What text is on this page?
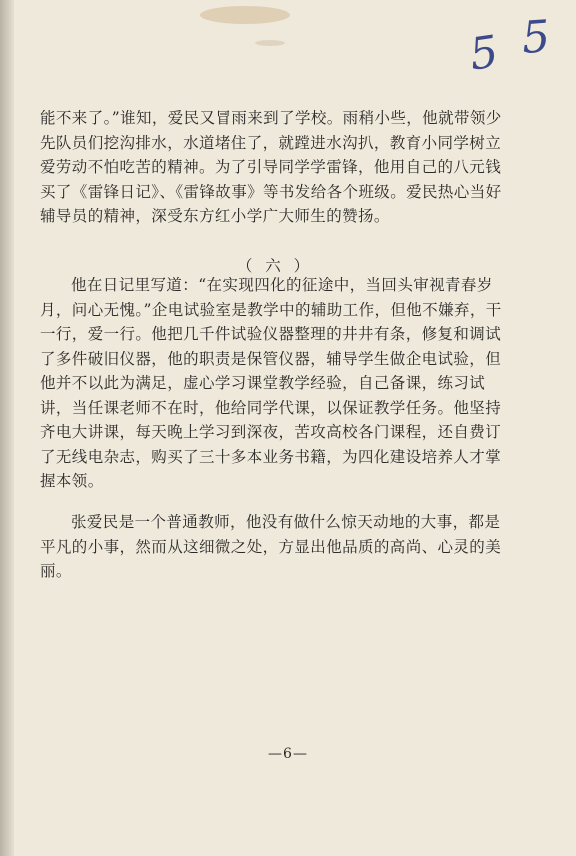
5 5
能不来了。”谁知，爱民又冒雨来到了学校。雨稍小些，他就带领少先队员们挖沟排水，水道堵住了，就蹚进水沟扒，教育小同学树立爱劳动不怕吃苦的精神。为了引导同学学雷锋，他用自己的八元钱买了《雷锋日记》、《雷锋故事》等书发给各个班级。爱民热心当好辅导员的精神，深受东方红小学广大师生的赞扬。
（ 六 ）
他在日记里写道：“在实现四化的征途中，当回头审视青春岁月，问心无愧。”企电试验室是教学中的辅助工作，但他不嫌弃，干一行，爱一行。他把几千件试验仪器整理的井井有条，修复和调试了多件破旧仪器，他的职责是保管仪器，辅导学生做企电试验，但他并不以此为满足，虚心学习课堂教学经验，自己备课，练习试讲，当任课老师不在时，他给同学代课，以保证教学任务。他坚持齐电大讲课，每天晚上学习到深夜，苦攻高校各门课程，还自费订了无线电杂志，购买了三十多本业务书籍，为四化建设培养人才掌握本领。
张爱民是一个普通教师，他没有做什么惊天动地的大事，都是平凡的小事，然而从这细微之处，方显出他品质的高尚、心灵的美丽。
—6—
